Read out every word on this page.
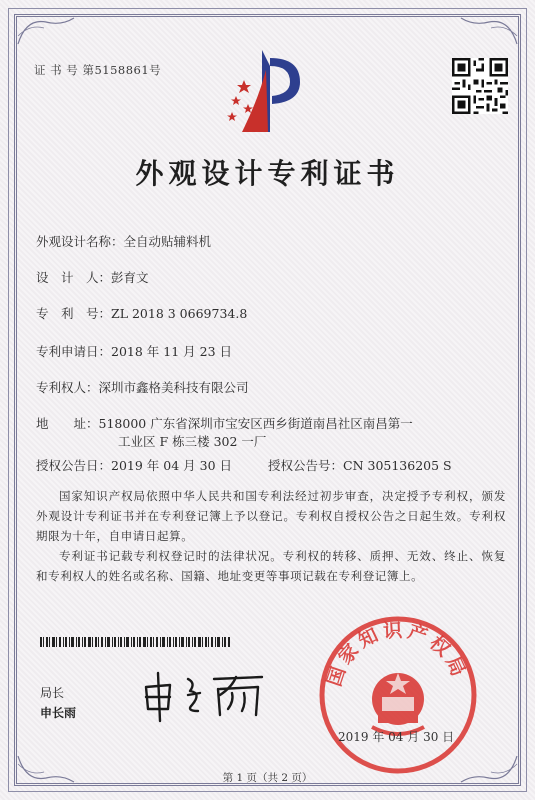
证 书 号 第5158861号
外观设计专利证书
外观设计名称：全自动贴辅料机
设　计　人：彭育文
专　利　号：ZL 2018 3 0669734.8
专利申请日：2018 年 11 月 23 日
专利权人：深圳市鑫格美科技有限公司
地　　址：518000 广东省深圳市宝安区西乡街道南昌社区南昌第一
工业区 F 栋三楼 302 一厂
授权公告日：2019 年 04 月 30 日	授权公告号：CN 305136205 S
国家知识产权局依照中华人民共和国专利法经过初步审查，决定授予专利权，颁发外观设计专利证书并在专利登记簿上予以登记。专利权自授权公告之日起生效。专利权期限为十年，自申请日起算。
专利证书记载专利权登记时的法律状况。专利权的转移、质押、无效、终止、恢复和专利权人的姓名或名称、国籍、地址变更等事项记载在专利登记簿上。
局长
申长雨
国家知识产权局
2019 年 04 月 30 日
第 1 页（共 2 页）
